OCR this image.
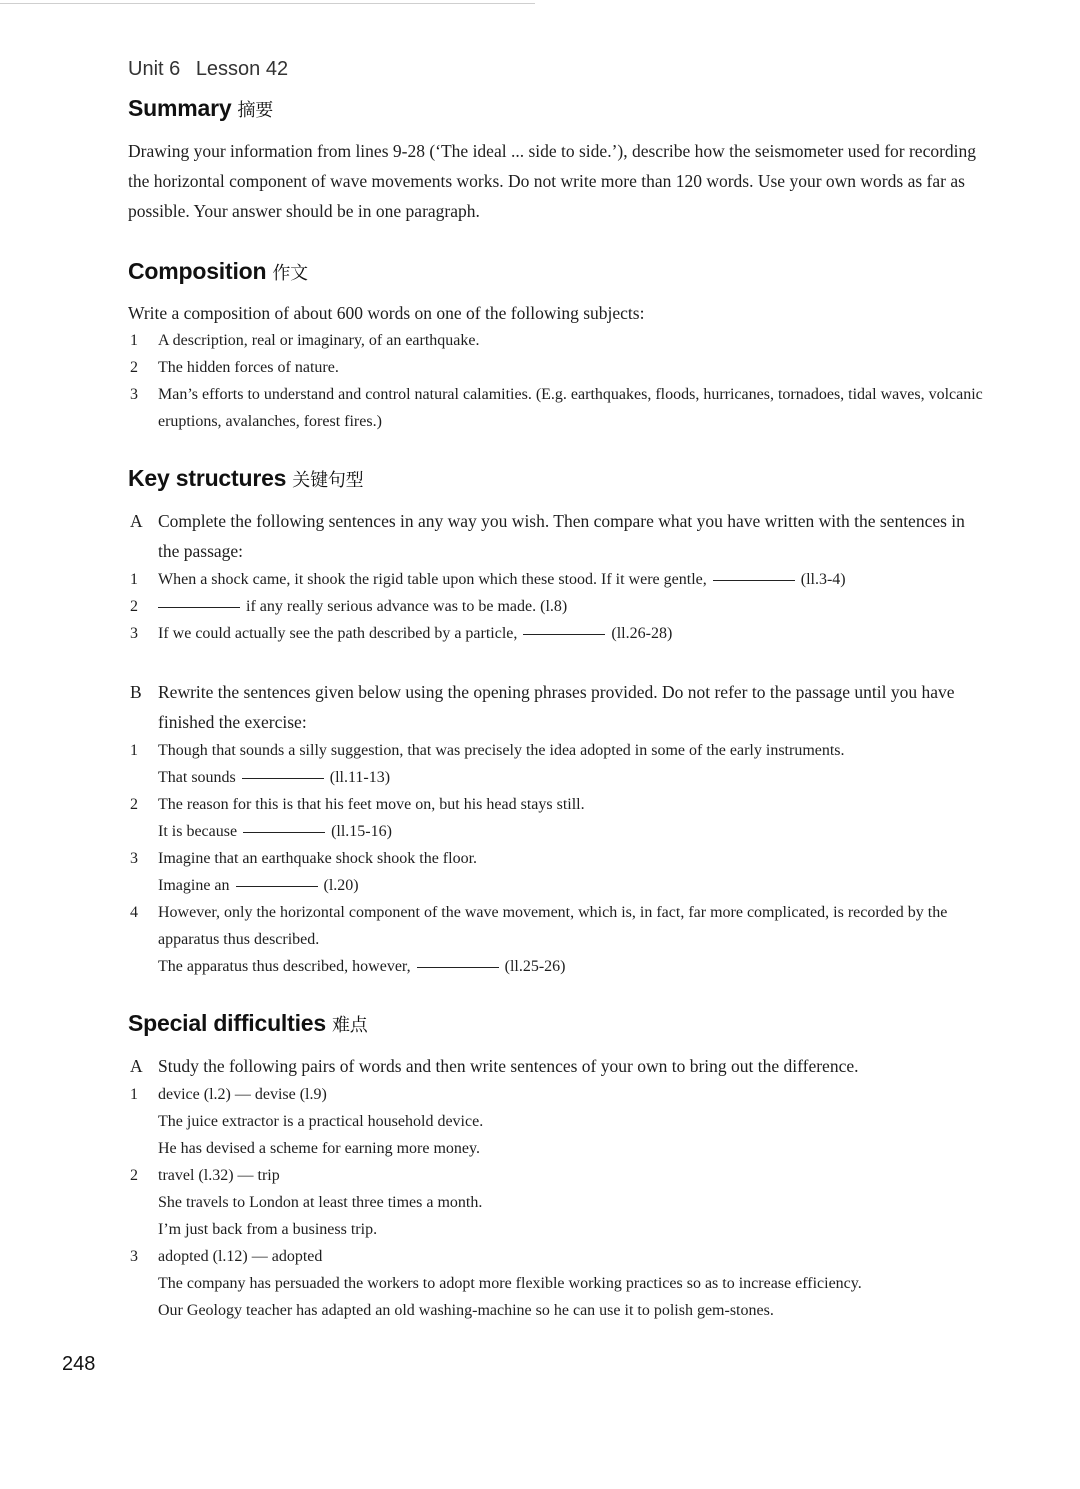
Unit 6 Lesson 42
Summary 摘要

Drawing your information from lines 9-28 (‘The ideal ... side to side.’), describe how the seismometer used for recording the horizontal component of wave movements works. Do not write more than 120 words. Use your own words as far as possible. Your answer should be in one paragraph.

Composition 作文

Write a composition of about 600 words on one of the following subjects:

1 A description, real or imaginary, of an earthquake.
2 The hidden forces of nature.
3 Man’s efforts to understand and control natural calamities. (E.g. earthquakes, floods, hurricanes, tornadoes, tidal waves, volcanic eruptions, avalanches, forest fires.)
Key structures 关键句型

A Complete the following sentences in any way you wish. Then compare what you have written with the sentences in the passage:

1 When a shock came, it shook the rigid table upon which these stood. If it were gentle,	(ll.3-4)
2	if any really serious advance was to be made. (l.8)
3 If we could actually see the path described by a particle,	(ll.26-28)

B Rewrite the sentences given below using the opening phrases provided. Do not refer to the passage until you have finished the exercise:

1 Though that sounds a silly suggestion, that was precisely the idea adopted in some of the early instruments.
That sounds	(ll.11-13)
2 The reason for this is that his feet move on, but his head stays still.
It is because	(ll.15-16)
3 Imagine that an earthquake shock shook the floor.
Imagine an	(l.20)
4 However, only the horizontal component of the wave movement, which is, in fact, far more complicated, is recorded by the apparatus thus described.
The apparatus thus described, however,	(ll.25-26)
Special difficulties 难点

A Study the following pairs of words and then write sentences of your own to bring out the difference.

1 device (l.2) — devise (l.9)
The juice extractor is a practical household device.
He has devised a scheme for earning more money.
2 travel (l.32) — trip
She travels to London at least three times a month.
I’m just back from a business trip.
3 adopted (l.12) — adopted
The company has persuaded the workers to adopt more flexible working practices so as to increase efficiency.
Our Geology teacher has adapted an old washing-machine so he can use it to polish gem-stones.
248
